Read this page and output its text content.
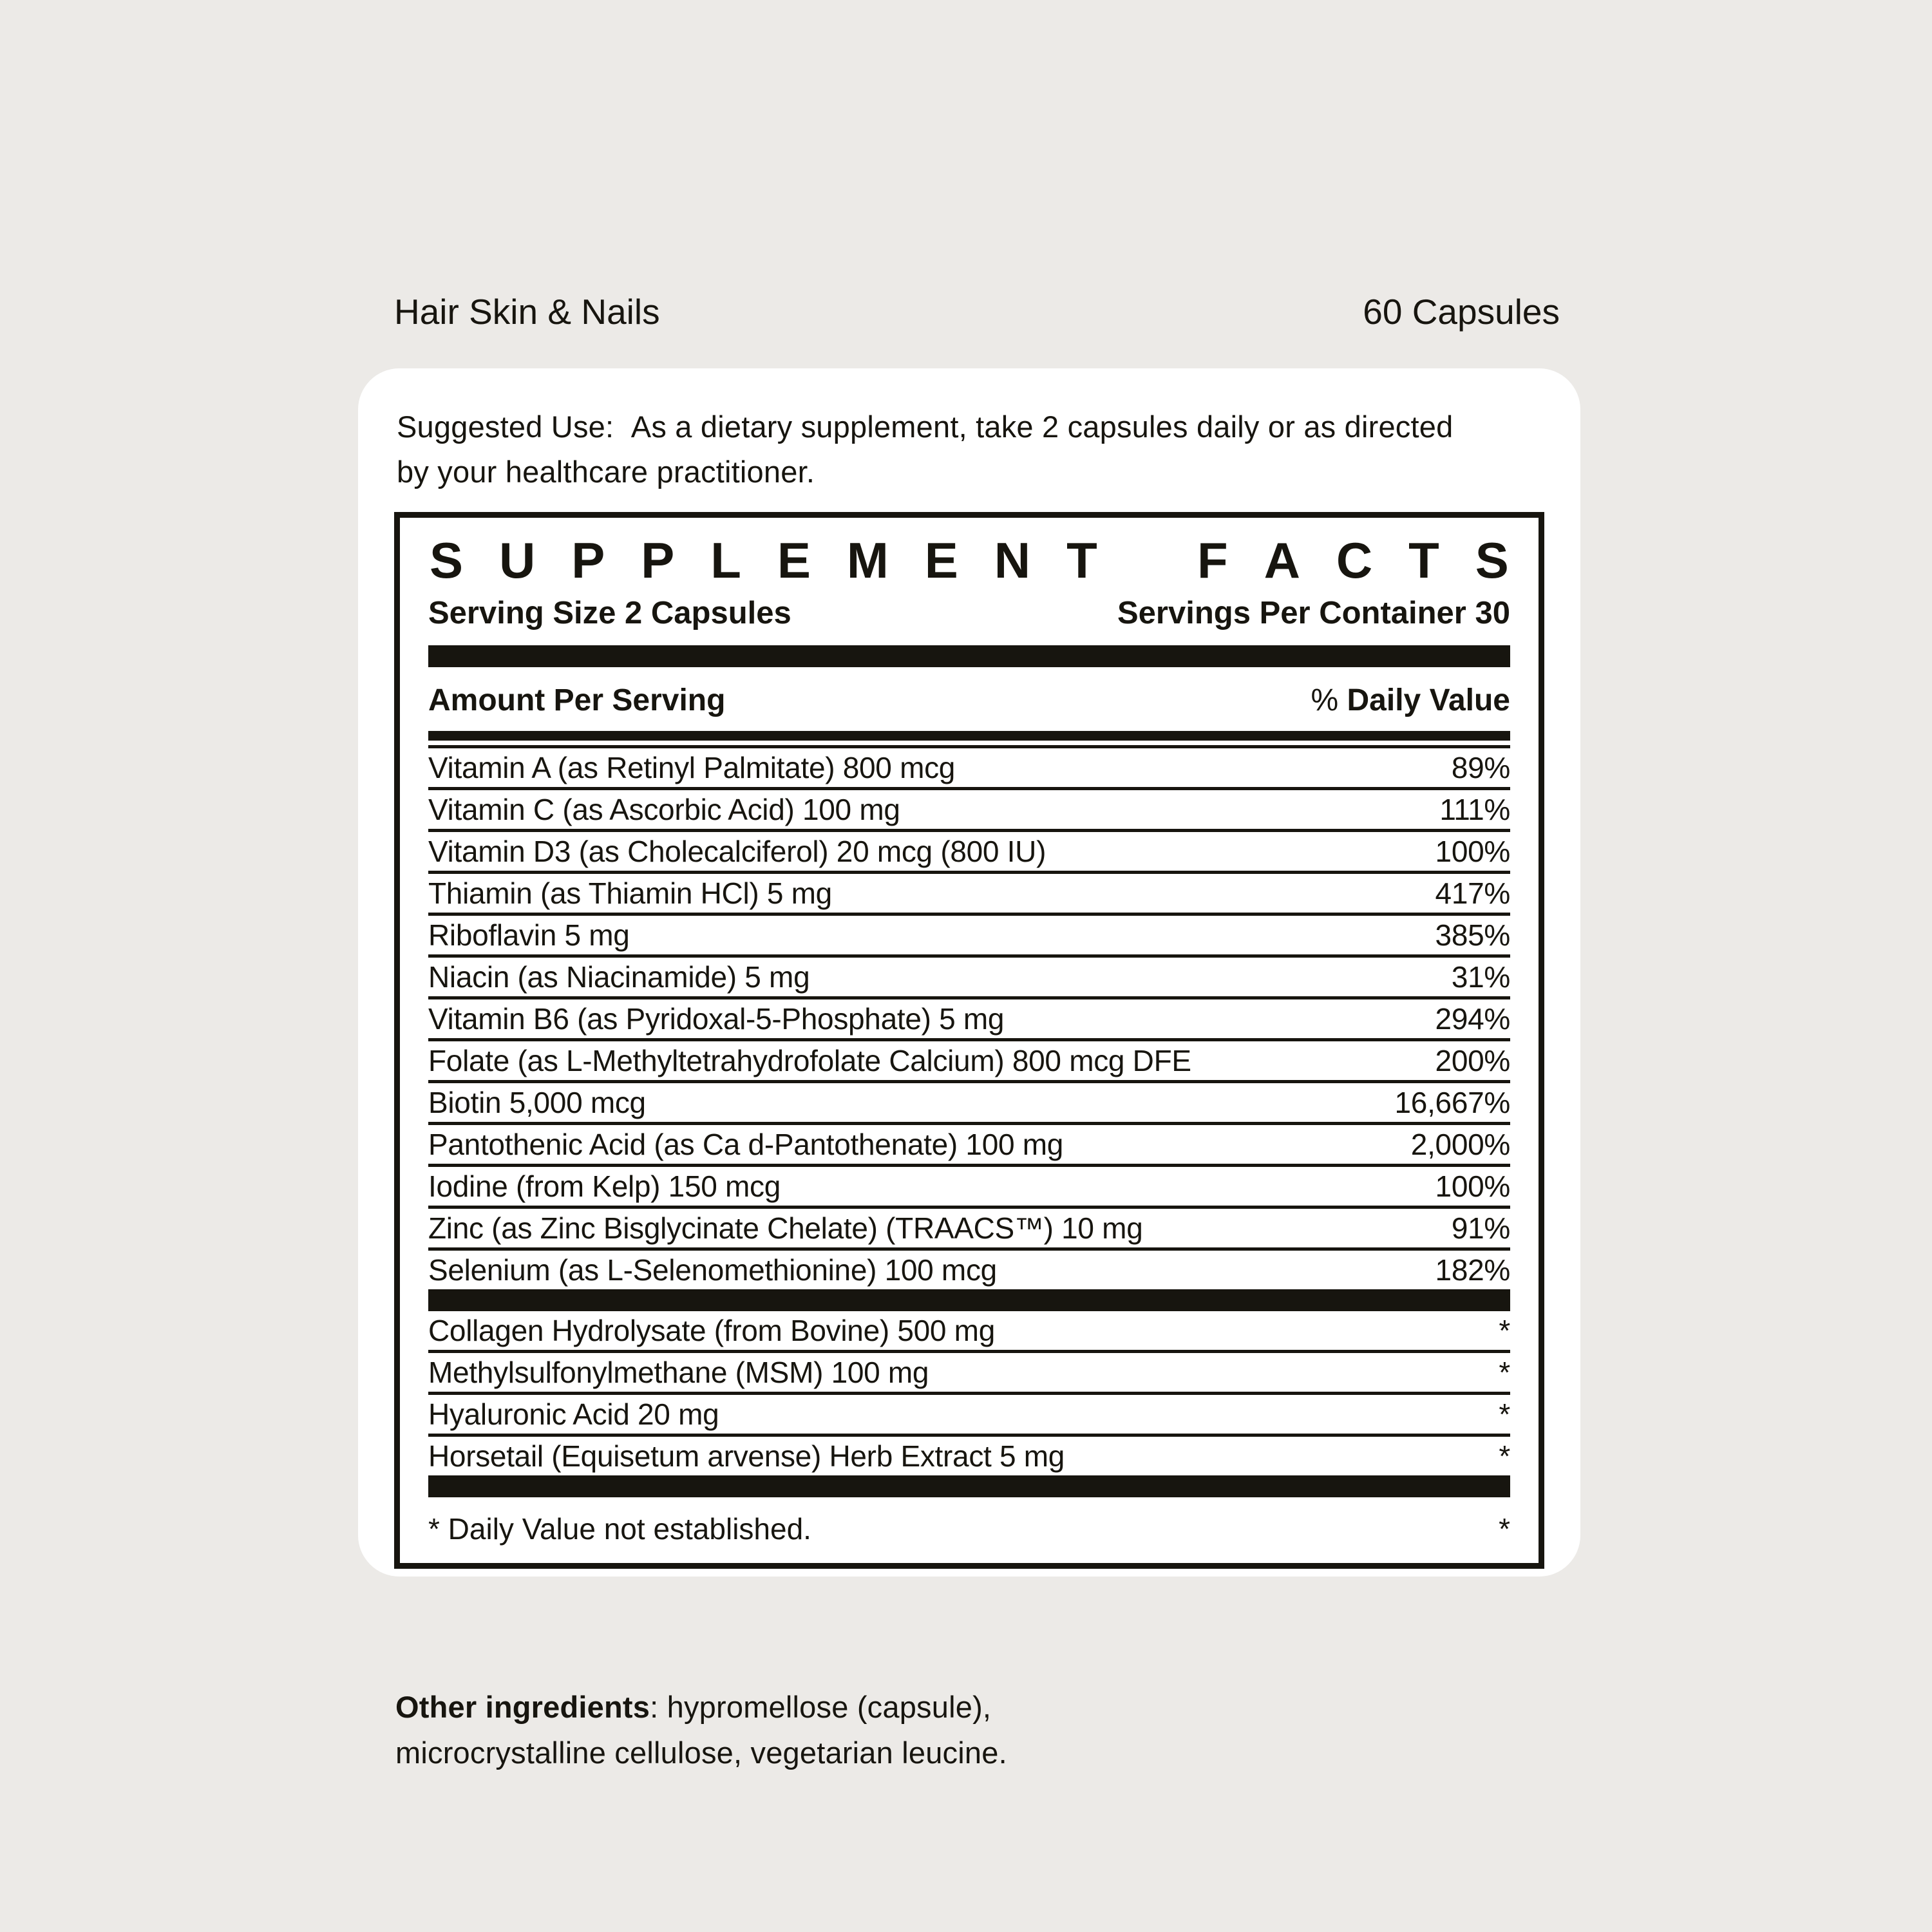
Hair Skin & Nails	60 Capsules

Suggested Use: As a dietary supplement, take 2 capsules daily or as directed by your healthcare practitioner.

S U P P L E M E N T
F A C T S
Serving Size 2 Capsules	Servings Per Container 30
Amount Per Serving	% Daily Value
Vitamin A (as Retinyl Palmitate) 800 mcg	89%
Vitamin C (as Ascorbic Acid) 100 mg	111%
Vitamin D3 (as Cholecalciferol) 20 mcg (800 IU)	100%
Thiamin (as Thiamin HCl) 5 mg	417%
Riboflavin 5 mg	385%
Niacin (as Niacinamide) 5 mg	31%
Vitamin B6 (as Pyridoxal-5-Phosphate) 5 mg	294%
Folate (as L-Methyltetrahydrofolate Calcium) 800 mcg DFE	200%
Biotin 5,000 mcg	16,667%
Pantothenic Acid (as Ca d-Pantothenate) 100 mg	2,000%
Iodine (from Kelp) 150 mcg	100%
Zinc (as Zinc Bisglycinate Chelate) (TRAACS™) 10 mg	91%
Selenium (as L-Selenomethionine) 100 mcg	182%
Collagen Hydrolysate (from Bovine) 500 mg	*
Methylsulfonylmethane (MSM) 100 mg	*
Hyaluronic Acid 20 mg	*
Horsetail (Equisetum arvense) Herb Extract 5 mg	*
* Daily Value not established.	*

Other ingredients: hypromellose (capsule), microcrystalline cellulose, vegetarian leucine.
